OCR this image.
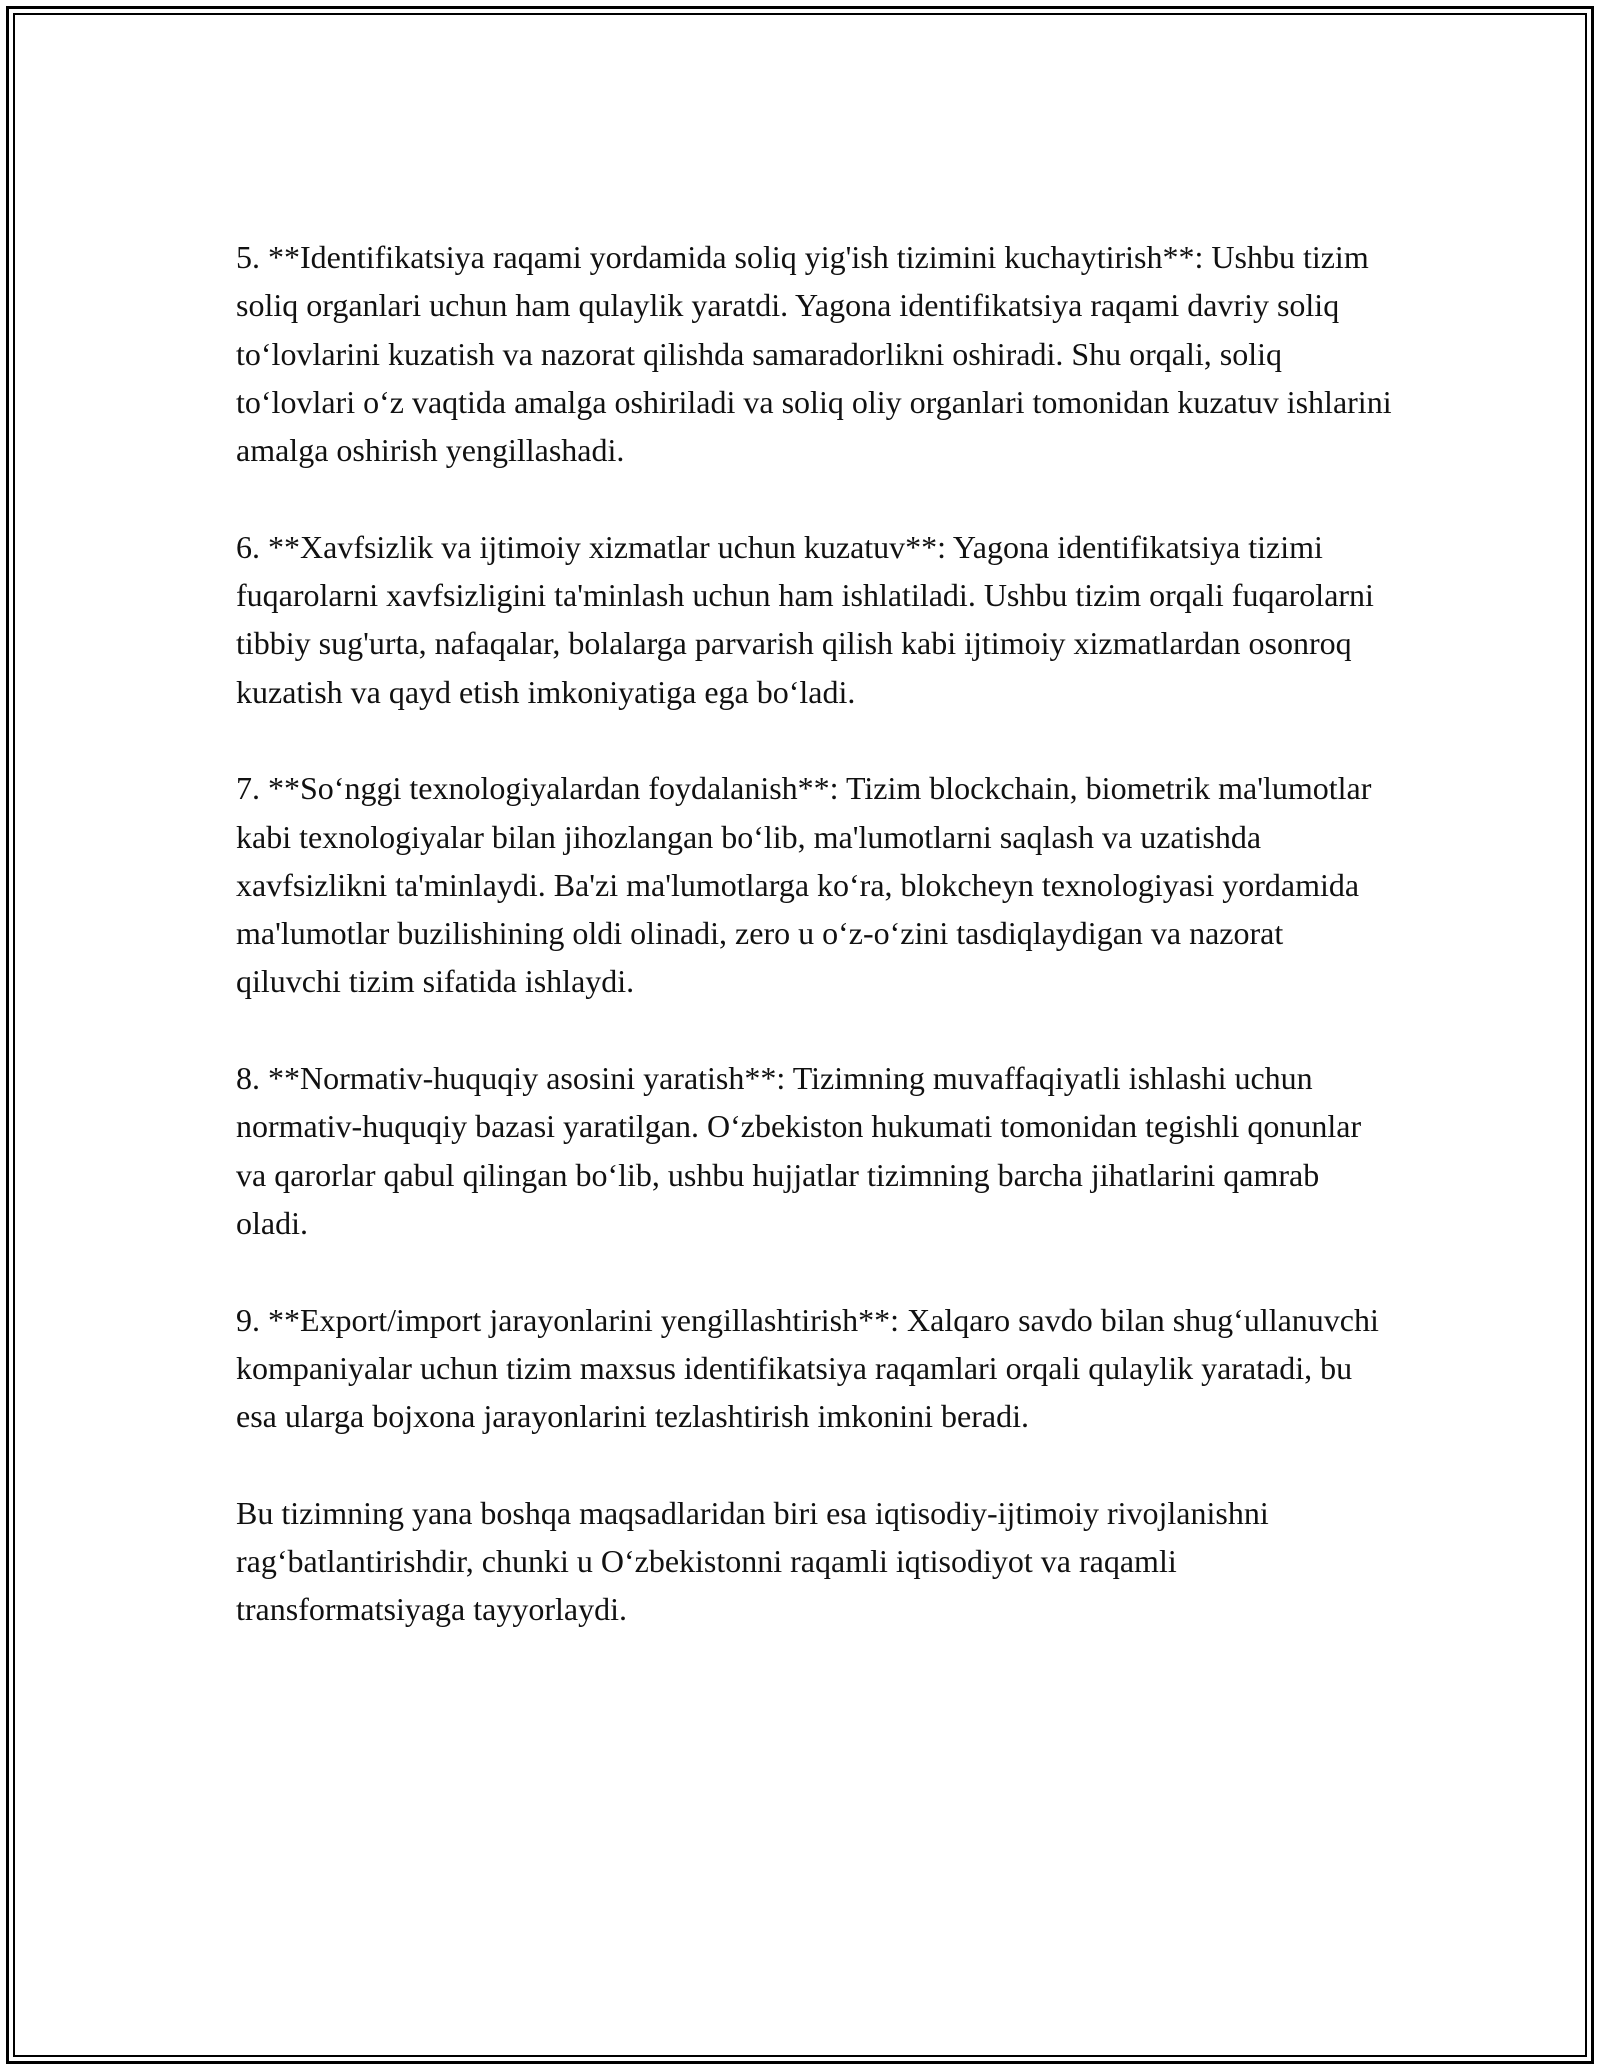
5. **Identifikatsiya raqami yordamida soliq yig'ish tizimini kuchaytirish**: Ushbu tizim soliq organlari uchun ham qulaylik yaratdi. Yagona identifikatsiya raqami davriy soliq to‘lovlarini kuzatish va nazorat qilishda samaradorlikni oshiradi. Shu orqali, soliq to‘lovlari o‘z vaqtida amalga oshiriladi va soliq oliy organlari tomonidan kuzatuv ishlarini amalga oshirish yengillashadi.

6. **Xavfsizlik va ijtimoiy xizmatlar uchun kuzatuv**: Yagona identifikatsiya tizimi fuqarolarni xavfsizligini ta'minlash uchun ham ishlatiladi. Ushbu tizim orqali fuqarolarni tibbiy sug'urta, nafaqalar, bolalarga parvarish qilish kabi ijtimoiy xizmatlardan osonroq kuzatish va qayd etish imkoniyatiga ega bo‘ladi.

7. **So‘nggi texnologiyalardan foydalanish**: Tizim blockchain, biometrik ma'lumotlar kabi texnologiyalar bilan jihozlangan bo‘lib, ma'lumotlarni saqlash va uzatishda xavfsizlikni ta'minlaydi. Ba'zi ma'lumotlarga ko‘ra, blokcheyn texnologiyasi yordamida ma'lumotlar buzilishining oldi olinadi, zero u o‘z-o‘zini tasdiqlaydigan va nazorat qiluvchi tizim sifatida ishlaydi.

8. **Normativ-huquqiy asosini yaratish**: Tizimning muvaffaqiyatli ishlashi uchun normativ-huquqiy bazasi yaratilgan. O‘zbekiston hukumati tomonidan tegishli qonunlar va qarorlar qabul qilingan bo‘lib, ushbu hujjatlar tizimning barcha jihatlarini qamrab oladi.

9. **Export/import jarayonlarini yengillashtirish**: Xalqaro savdo bilan shug‘ullanuvchi kompaniyalar uchun tizim maxsus identifikatsiya raqamlari orqali qulaylik yaratadi, bu esa ularga bojxona jarayonlarini tezlashtirish imkonini beradi.

Bu tizimning yana boshqa maqsadlaridan biri esa iqtisodiy-ijtimoiy rivojlanishni rag‘batlantirishdir, chunki u O‘zbekistonni raqamli iqtisodiyot va raqamli transformatsiyaga tayyorlaydi.
